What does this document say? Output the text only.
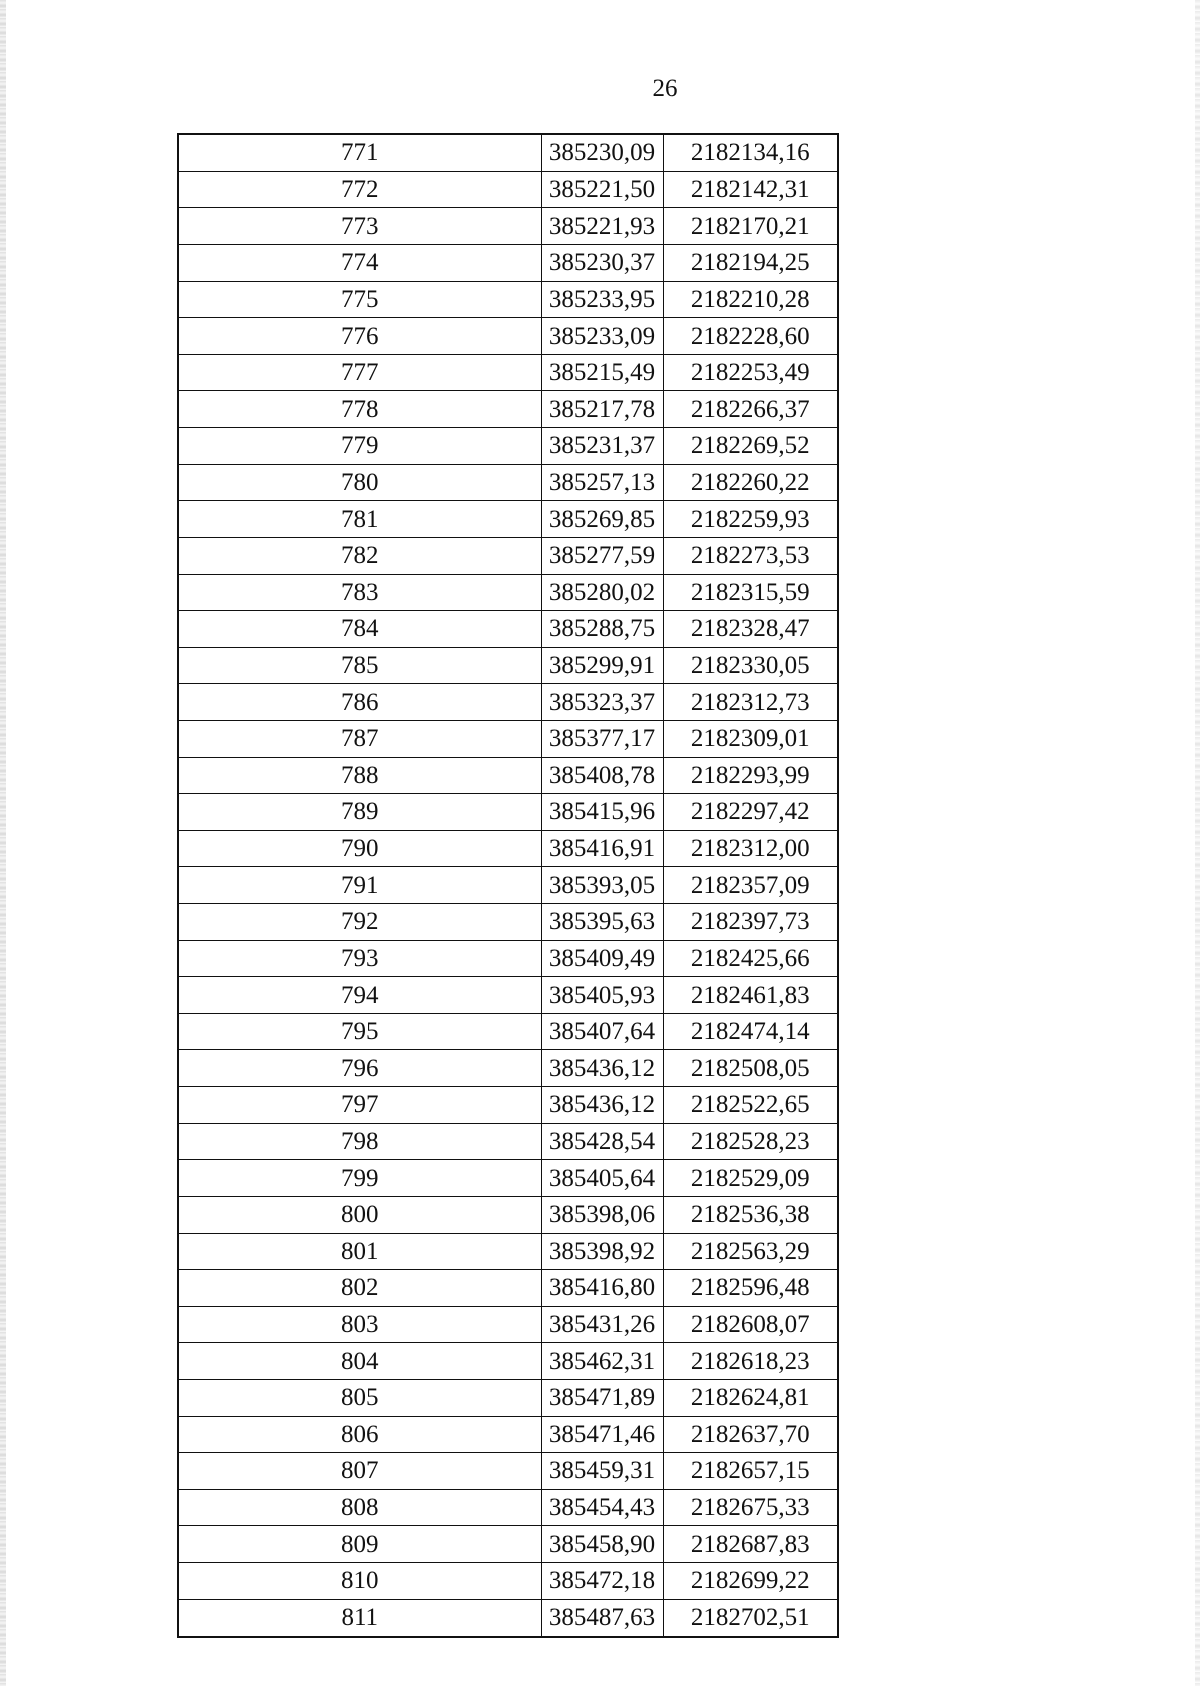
26
771	385230,09	2182134,16
772	385221,50	2182142,31
773	385221,93	2182170,21
774	385230,37	2182194,25
775	385233,95	2182210,28
776	385233,09	2182228,60
777	385215,49	2182253,49
778	385217,78	2182266,37
779	385231,37	2182269,52
780	385257,13	2182260,22
781	385269,85	2182259,93
782	385277,59	2182273,53
783	385280,02	2182315,59
784	385288,75	2182328,47
785	385299,91	2182330,05
786	385323,37	2182312,73
787	385377,17	2182309,01
788	385408,78	2182293,99
789	385415,96	2182297,42
790	385416,91	2182312,00
791	385393,05	2182357,09
792	385395,63	2182397,73
793	385409,49	2182425,66
794	385405,93	2182461,83
795	385407,64	2182474,14
796	385436,12	2182508,05
797	385436,12	2182522,65
798	385428,54	2182528,23
799	385405,64	2182529,09
800	385398,06	2182536,38
801	385398,92	2182563,29
802	385416,80	2182596,48
803	385431,26	2182608,07
804	385462,31	2182618,23
805	385471,89	2182624,81
806	385471,46	2182637,70
807	385459,31	2182657,15
808	385454,43	2182675,33
809	385458,90	2182687,83
810	385472,18	2182699,22
811	385487,63	2182702,51
